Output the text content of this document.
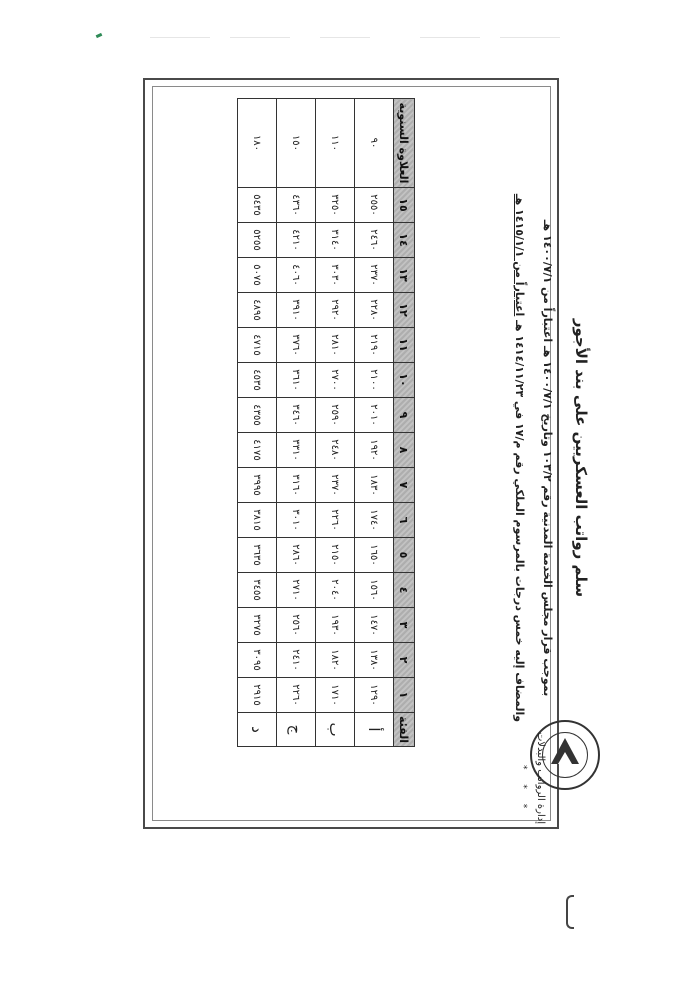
سلم رواتب العسكريين على بند الأجور
بموجب قرار مجلس الخدمة المدنية رقم ١٠٣/٢ وتاريخ ١٤٠٠/٧/١ هـ اعتباراً من ١٤٠٠/٧/١ هـ
والمضاف إليه خمس درجات بالمرسوم الملكي رقم م/١٧ في ١٤١٤/١١/٢٣ هـ اعتباراً من ١٤١٥/١/١ هـ
الفئة	١	٢	٣	٤	٥	٦	٧	٨	٩	١٠	١١	١٢	١٣	١٤	١٥	العلاوة السنوية
أ	١٢٩٠	١٣٨٠	١٤٧٠	١٥٦٠	١٦٥٠	١٧٤٠	١٨٣٠	١٩٢٠	٢٠١٠	٢١٠٠	٢١٩٠	٢٢٨٠	٢٣٧٠	٢٤٦٠	٢٥٥٠	٩٠
ب	١٧١٠	١٨٢٠	١٩٣٠	٢٠٤٠	٢١٥٠	٢٢٦٠	٢٣٧٠	٢٤٨٠	٢٥٩٠	٢٧٠٠	٢٨١٠	٢٩٢٠	٣٠٣٠	٣١٤٠	٣٢٥٠	١١٠
ج	٢٢٦٠	٢٤١٠	٢٥٦٠	٢٧١٠	٢٨٦٠	٣٠١٠	٣١٦٠	٣٣١٠	٣٤٦٠	٣٦١٠	٣٧٦٠	٣٩١٠	٤٠٦٠	٤٢١٠	٤٣٦٠	١٥٠
د	٢٩١٥	٣٠٩٥	٣٢٧٥	٣٤٥٥	٣٦٣٥	٣٨١٥	٣٩٩٥	٤١٧٥	٤٣٥٥	٤٥٣٥	٤٧١٥	٤٨٩٥	٥٠٧٥	٥٢٥٥	٥٤٣٥	١٨٠
إدارة الرواتب والبدلات
* * *
